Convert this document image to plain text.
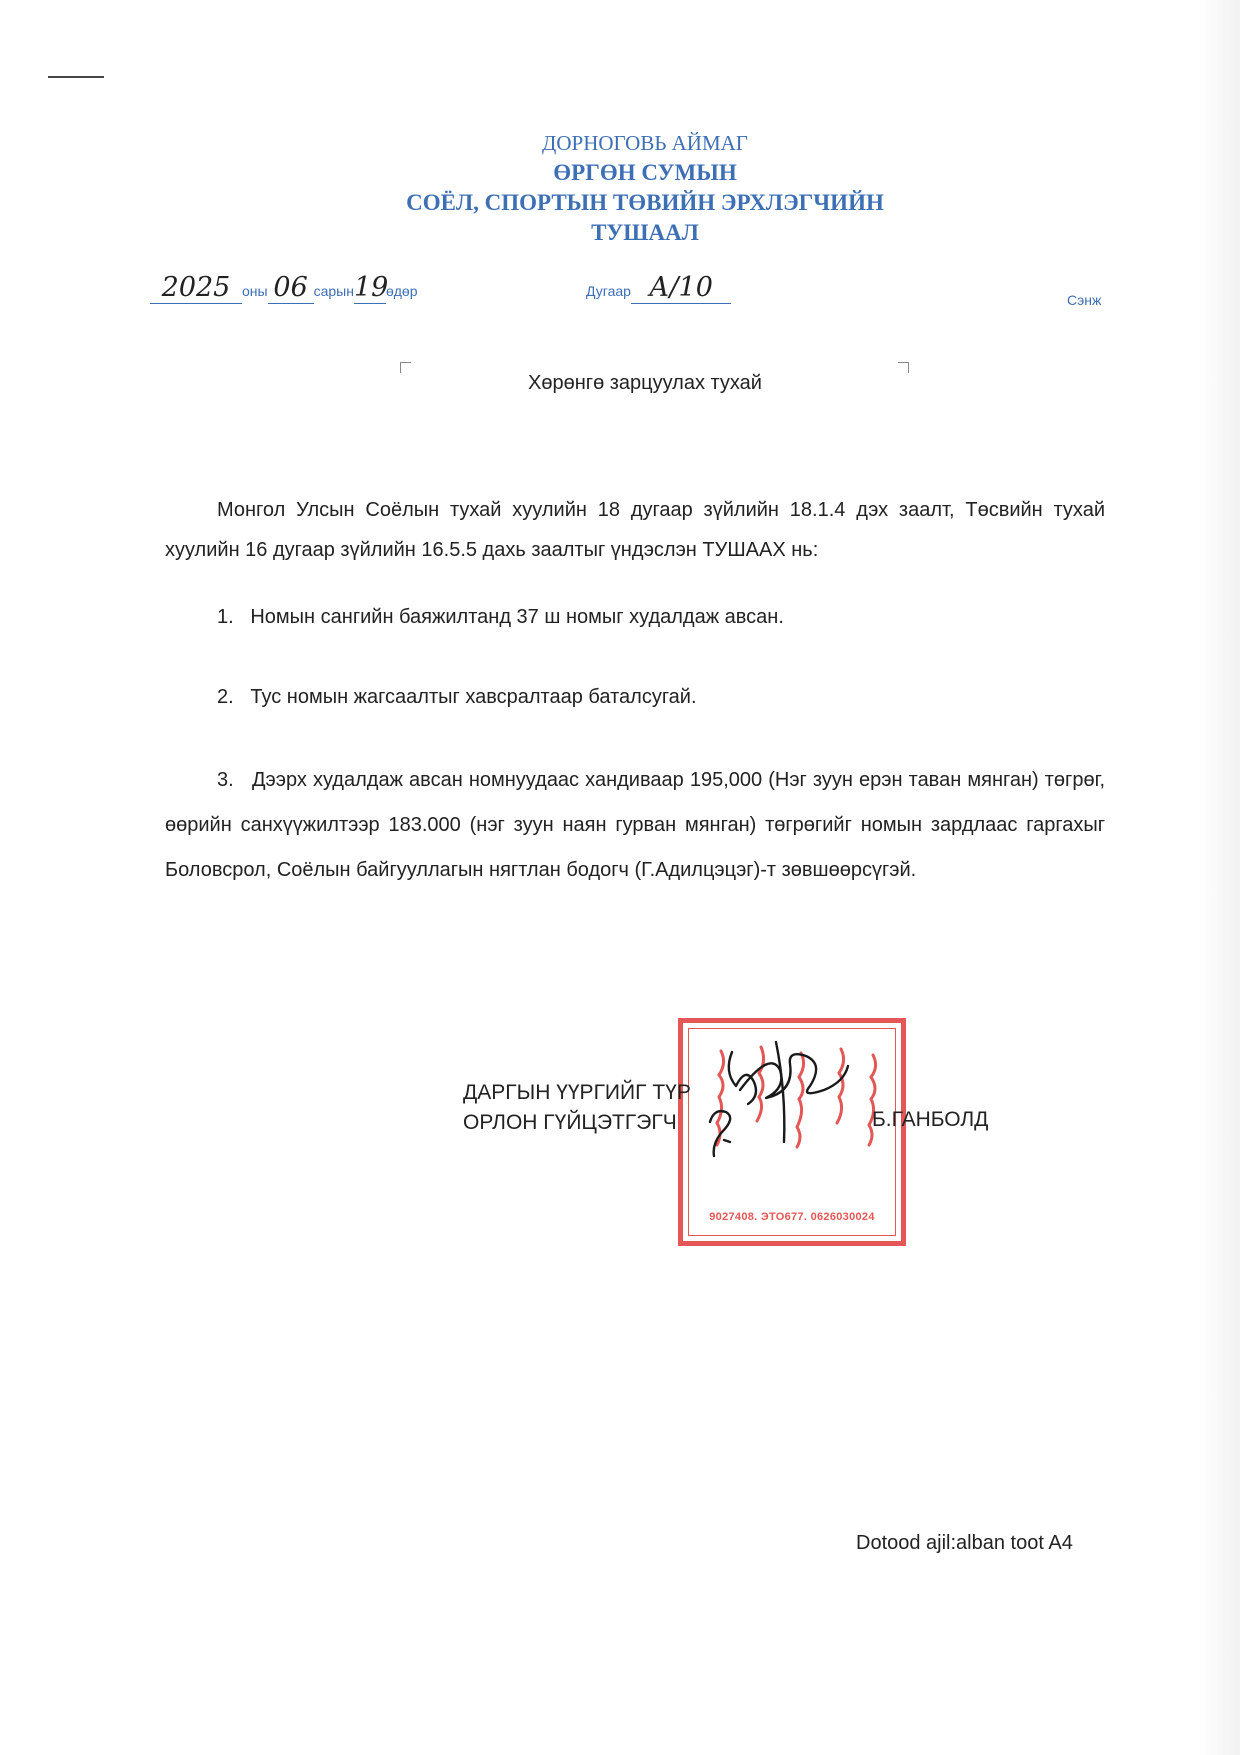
ДОРНОГОВЬ АЙМАГ
ӨРГӨН СУМЫН
СОЁЛ, СПОРТЫН ТӨВИЙН ЭРХЛЭГЧИЙН
ТУШААЛ
2025 оны 06 сарын19өдөр	Дугаар А/10	Сэнж
Хөрөнгө зарцуулах тухай
Монгол Улсын Соёлын тухай хуулийн 18 дугаар зүйлийн 18.1.4 дэх заалт, Төсвийн тухай хуулийн 16 дугаар зүйлийн 16.5.5 дахь заалтыг үндэслэн ТУШААХ нь:
1. Номын сангийн баяжилтанд 37 ш номыг худалдаж авсан.
2. Тус номын жагсаалтыг хавсралтаар баталсугай.
3. Дээрх худалдаж авсан номнуудаас хандиваар 195,000 (Нэг зуун ерэн таван мянган) төгрөг, өөрийн санхүүжилтээр 183.000 (нэг зуун наян гурван мянган) төгрөгийг номын зардлаас гаргахыг Боловсрол, Соёлын байгууллагын нягтлан бодогч (Г.Адилцэцэг)-т зөвшөөрсүгэй.
9027408. ЭТО677. 0626030024
ДАРГЫН ҮҮРГИЙГ ТҮР
ОРЛОН ГҮЙЦЭТГЭГЧ	Б.ГАНБОЛД
Dotood ajil:alban toot A4
